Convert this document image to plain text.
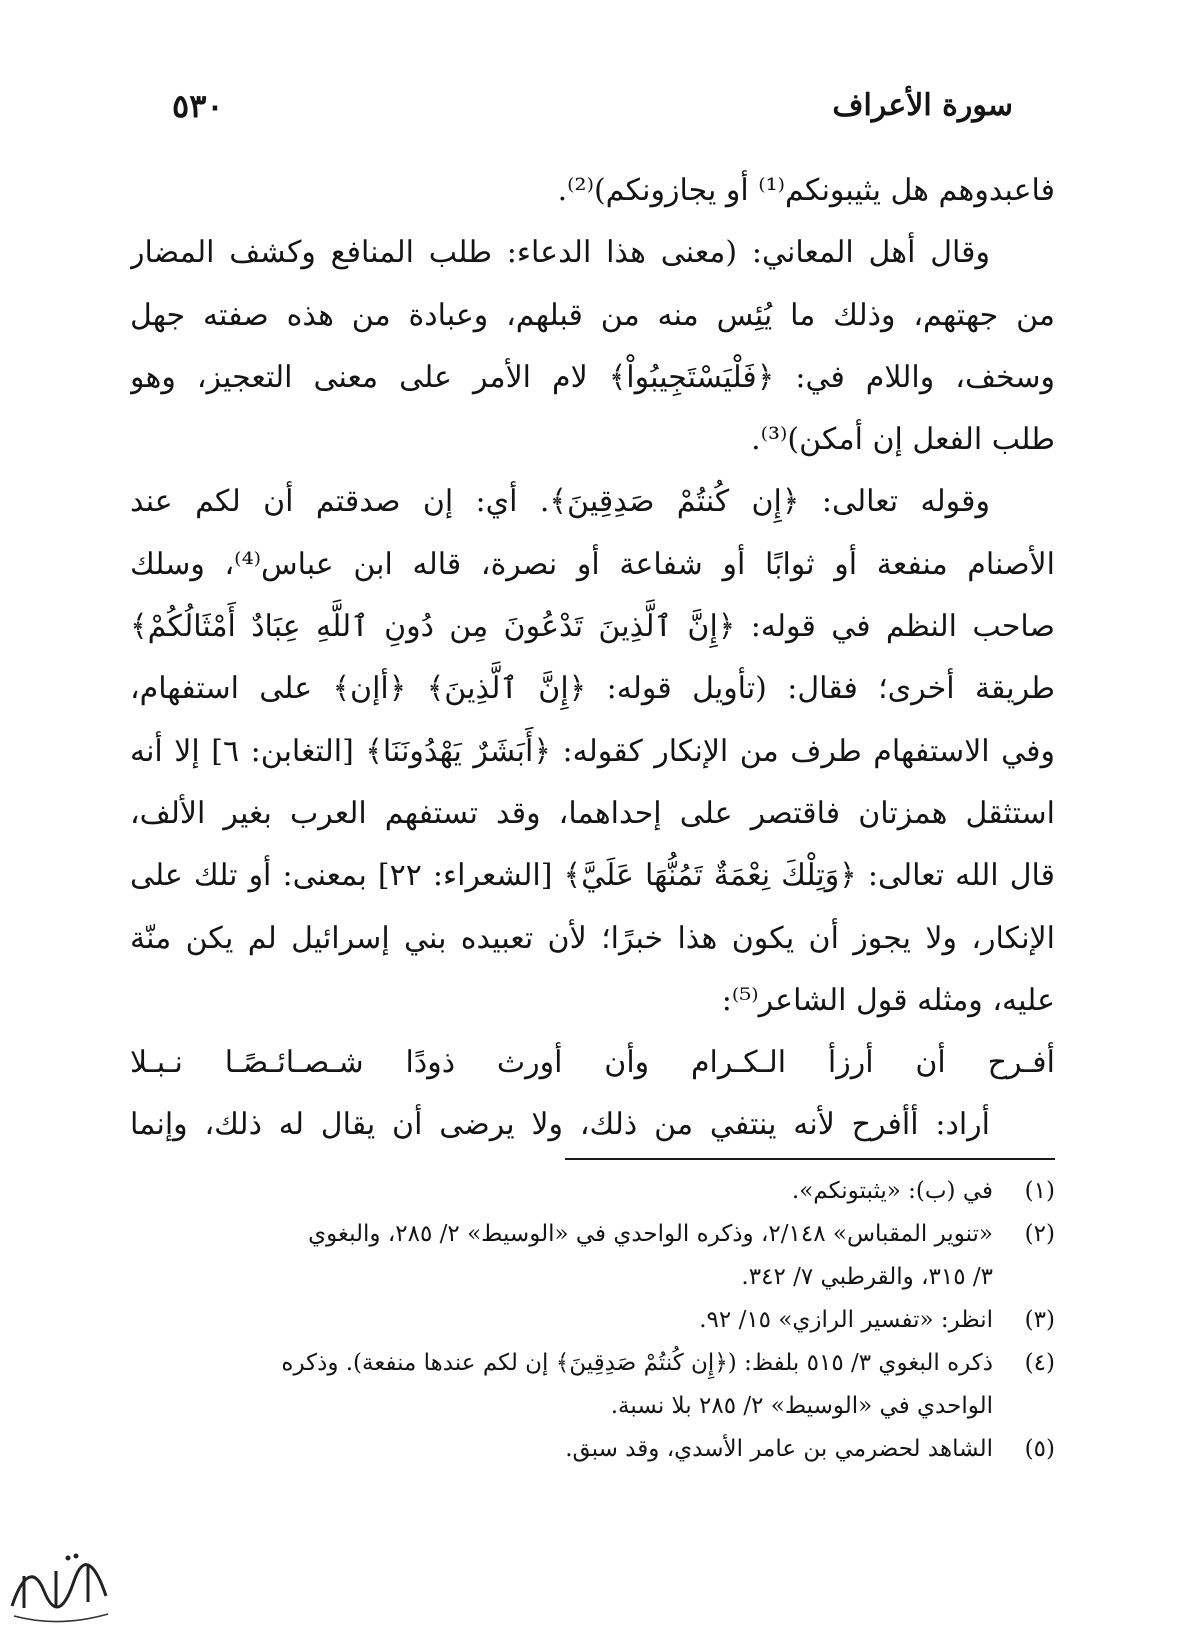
سورة الأعراف
٥٣٠
فاعبدوهم هل يثيبونكم⁽¹⁾ أو يجازونكم)⁽²⁾.
وقال أهل المعاني: (معنى هذا الدعاء: طلب المنافع وكشف المضار
من جهتهم، وذلك ما يُئِس منه من قبلهم، وعبادة من هذه صفته جهل
وسخف، واللام في: ﴿فَلْيَسْتَجِيبُواْ﴾ لام الأمر على معنى التعجيز، وهو
طلب الفعل إن أمكن)⁽³⁾.
وقوله تعالى: ﴿إِن كُنتُمْ صَدِقِينَ﴾. أي: إن صدقتم أن لكم عند
الأصنام منفعة أو ثوابًا أو شفاعة أو نصرة، قاله ابن عباس⁽⁴⁾، وسلك
صاحب النظم في قوله: ﴿إِنَّ ٱلَّذِينَ تَدْعُونَ مِن دُونِ ٱللَّهِ عِبَادٌ أَمْثَالُكُمْ﴾
طريقة أخرى؛ فقال: (تأويل قوله: ﴿إِنَّ ٱلَّذِينَ﴾ ﴿أإن﴾ على استفهام،
وفي الاستفهام طرف من الإنكار كقوله: ﴿أَبَشَرٌ يَهْدُونَنَا﴾ [التغابن: ٦] إلا أنه
استثقل همزتان فاقتصر على إحداهما، وقد تستفهم العرب بغير الألف،
قال الله تعالى: ﴿وَتِلْكَ نِعْمَةٌ تَمُنُّهَا عَلَيَّ﴾ [الشعراء: ٢٢] بمعنى: أو تلك على
الإنكار، ولا يجوز أن يكون هذا خبرًا؛ لأن تعبيده بني إسرائيل لم يكن منّة
عليه، ومثله قول الشاعر⁽⁵⁾:
أفـرح أن أرزأ الـكـرام وأن أورث ذودًا شـصـائـصًـا نـبـلا
أراد: أأفرح لأنه ينتفي من ذلك، ولا يرضى أن يقال له ذلك، وإنما
(١)في (ب): «يثبتونكم».
(٢)«تنوير المقباس» ٢/١٤٨، وذكره الواحدي في «الوسيط» ٢/ ٢٨٥، والبغوي
٣/ ٣١٥، والقرطبي ٧/ ٣٤٢.
(٣)انظر: «تفسير الرازي» ١٥/ ٩٢.
(٤)ذكره البغوي ٣/ ٥١٥ بلفظ: (﴿إِن كُنتُمْ صَدِقِينَ﴾ إن لكم عندها منفعة). وذكره
الواحدي في «الوسيط» ٢/ ٢٨٥ بلا نسبة.
(٥)الشاهد لحضرمي بن عامر الأسدي، وقد سبق.
